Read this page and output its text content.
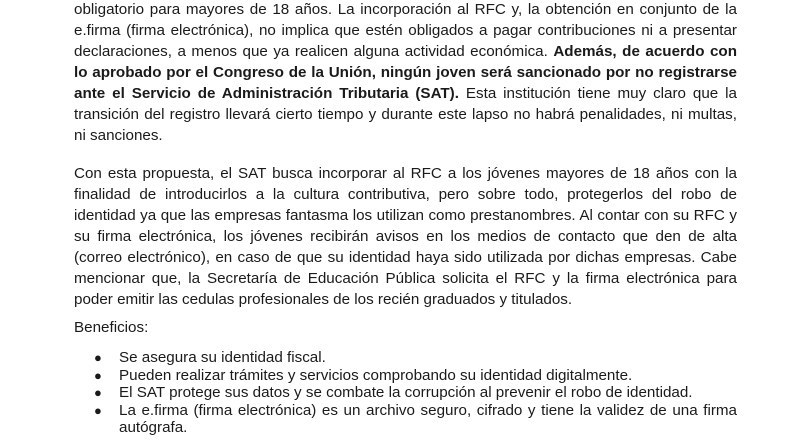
obligatorio para mayores de 18 años. La incorporación al RFC y, la obtención en conjunto de la e.firma (firma electrónica), no implica que estén obligados a pagar contribuciones ni a presentar declaraciones, a menos que ya realicen alguna actividad económica. Además, de acuerdo con lo aprobado por el Congreso de la Unión, ningún joven será sancionado por no registrarse ante el Servicio de Administración Tributaria (SAT). Esta institución tiene muy claro que la transición del registro llevará cierto tiempo y durante este lapso no habrá penalidades, ni multas, ni sanciones.

Con esta propuesta, el SAT busca incorporar al RFC a los jóvenes mayores de 18 años con la finalidad de introducirlos a la cultura contributiva, pero sobre todo, protegerlos del robo de identidad ya que las empresas fantasma los utilizan como prestanombres. Al contar con su RFC y su firma electrónica, los jóvenes recibirán avisos en los medios de contacto que den de alta (correo electrónico), en caso de que su identidad haya sido utilizada por dichas empresas. Cabe mencionar que, la Secretaría de Educación Pública solicita el RFC y la firma electrónica para poder emitir las cedulas profesionales de los recién graduados y titulados.

Beneficios:

● Se asegura su identidad fiscal.
● Pueden realizar trámites y servicios comprobando su identidad digitalmente.
● El SAT protege sus datos y se combate la corrupción al prevenir el robo de identidad.
● La e.firma (firma electrónica) es un archivo seguro, cifrado y tiene la validez de una firma autógrafa.
